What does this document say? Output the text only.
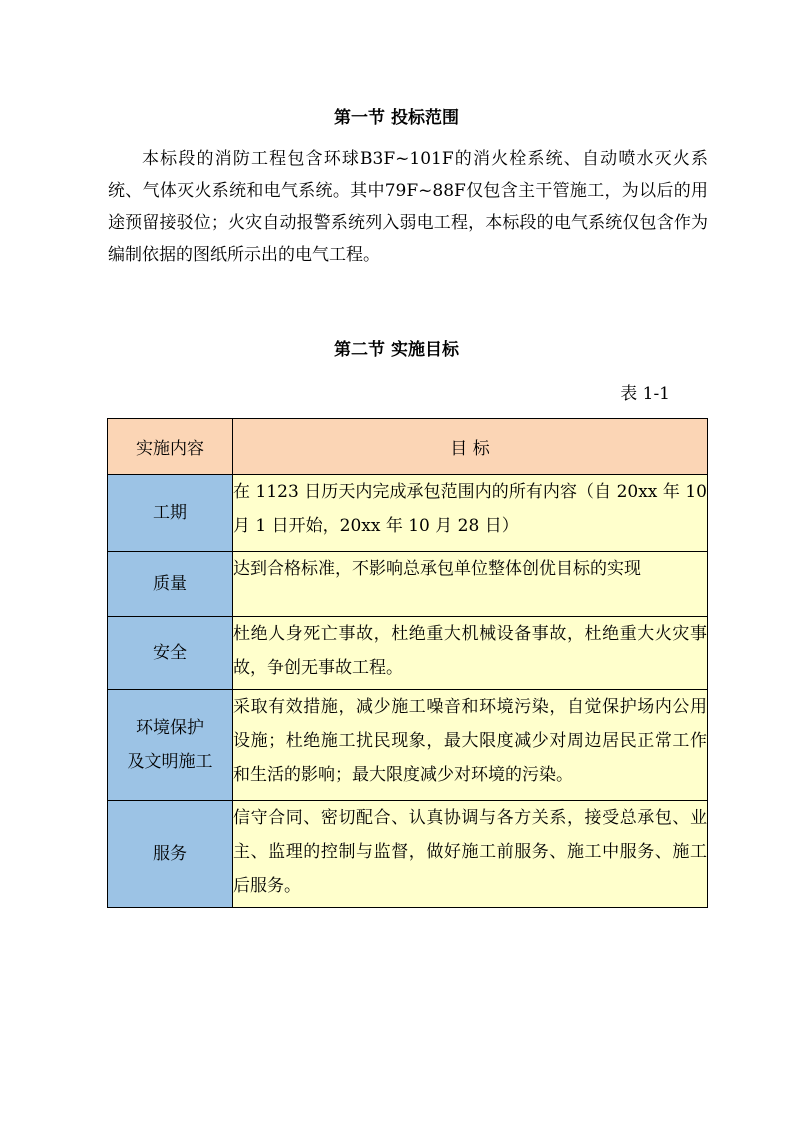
第一节 投标范围
本标段的消防工程包含环球B3F~101F的消火栓系统、自动喷水灭火系统、气体灭火系统和电气系统。其中79F~88F仅包含主干管施工，为以后的用途预留接驳位；火灾自动报警系统列入弱电工程，本标段的电气系统仅包含作为编制依据的图纸所示出的电气工程。
第二节 实施目标
表 1-1
实施内容	目 标
工期	在 1123 日历天内完成承包范围内的所有内容（自 20xx 年 10 月 1 日开始，20xx 年 10 月 28 日）
质量	达到合格标准，不影响总承包单位整体创优目标的实现
安全	杜绝人身死亡事故，杜绝重大机械设备事故，杜绝重大火灾事故，争创无事故工程。

环境保护
及文明施工	采取有效措施，减少施工噪音和环境污染，自觉保护场内公用设施；杜绝施工扰民现象，最大限度减少对周边居民正常工作和生活的影响；最大限度减少对环境的污染。
服务	信守合同、密切配合、认真协调与各方关系，接受总承包、业主、监理的控制与监督，做好施工前服务、施工中服务、施工后服务。
